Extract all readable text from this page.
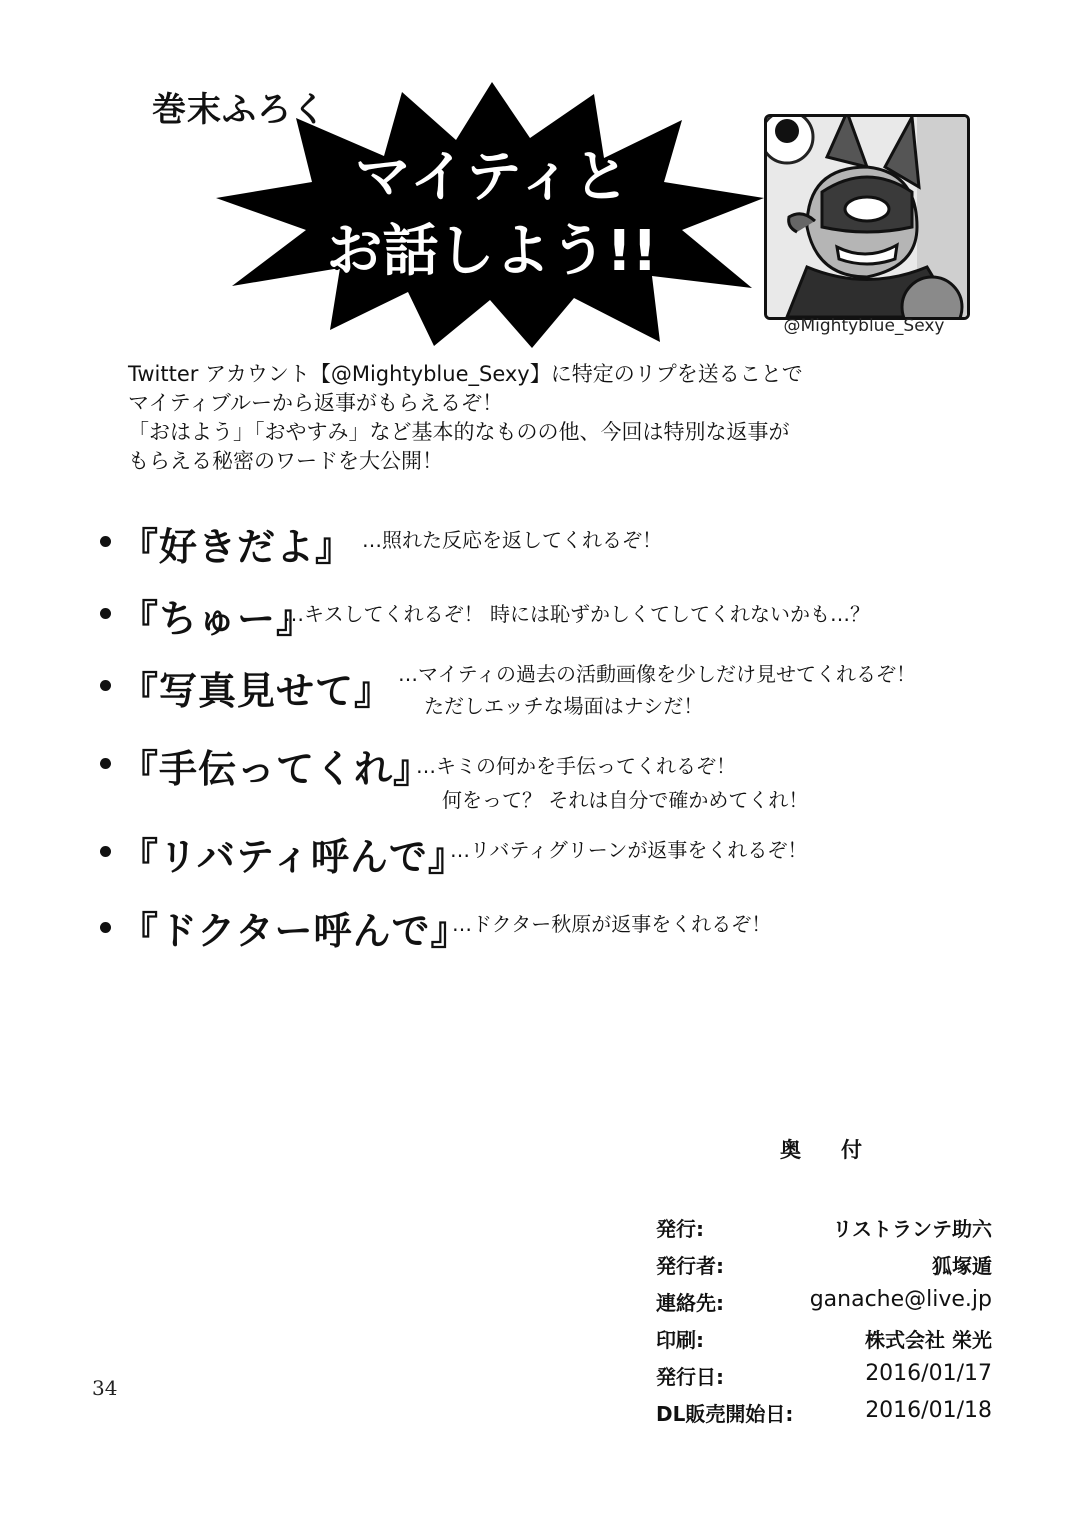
巻末ふろく
マイティと
お話しよう!!
@Mightyblue_Sexy
Twitter アカウント【@Mightyblue_Sexy】に特定のリプを送ることで
マイティブルーから返事がもらえるぞ！
「おはよう」「おやすみ」など基本的なものの他、今回は特別な返事が
もらえる秘密のワードを大公開！
『好きだよ』 …照れた反応を返してくれるぞ！
『ちゅー』
…キスしてくれるぞ！ 時には恥ずかしくてしてくれないかも…？
『写真見せて』 …マイティの過去の活動画像を少しだけ見せてくれるぞ！
ただしエッチな場面はナシだ！
『手伝ってくれ』
…キミの何かを手伝ってくれるぞ！
何をって？ それは自分で確かめてくれ！
『リバティ呼んで』
…リバティグリーンが返事をくれるぞ！
『ドクター呼んで』
…ドクター秋原が返事をくれるぞ！
奥付
発行:	リストランテ助六
発行者:	狐塚遁
連絡先:	ganache@live.jp
印刷:	株式会社 栄光
発行日:	2016/01/17
DL販売開始日:	2016/01/18
34
